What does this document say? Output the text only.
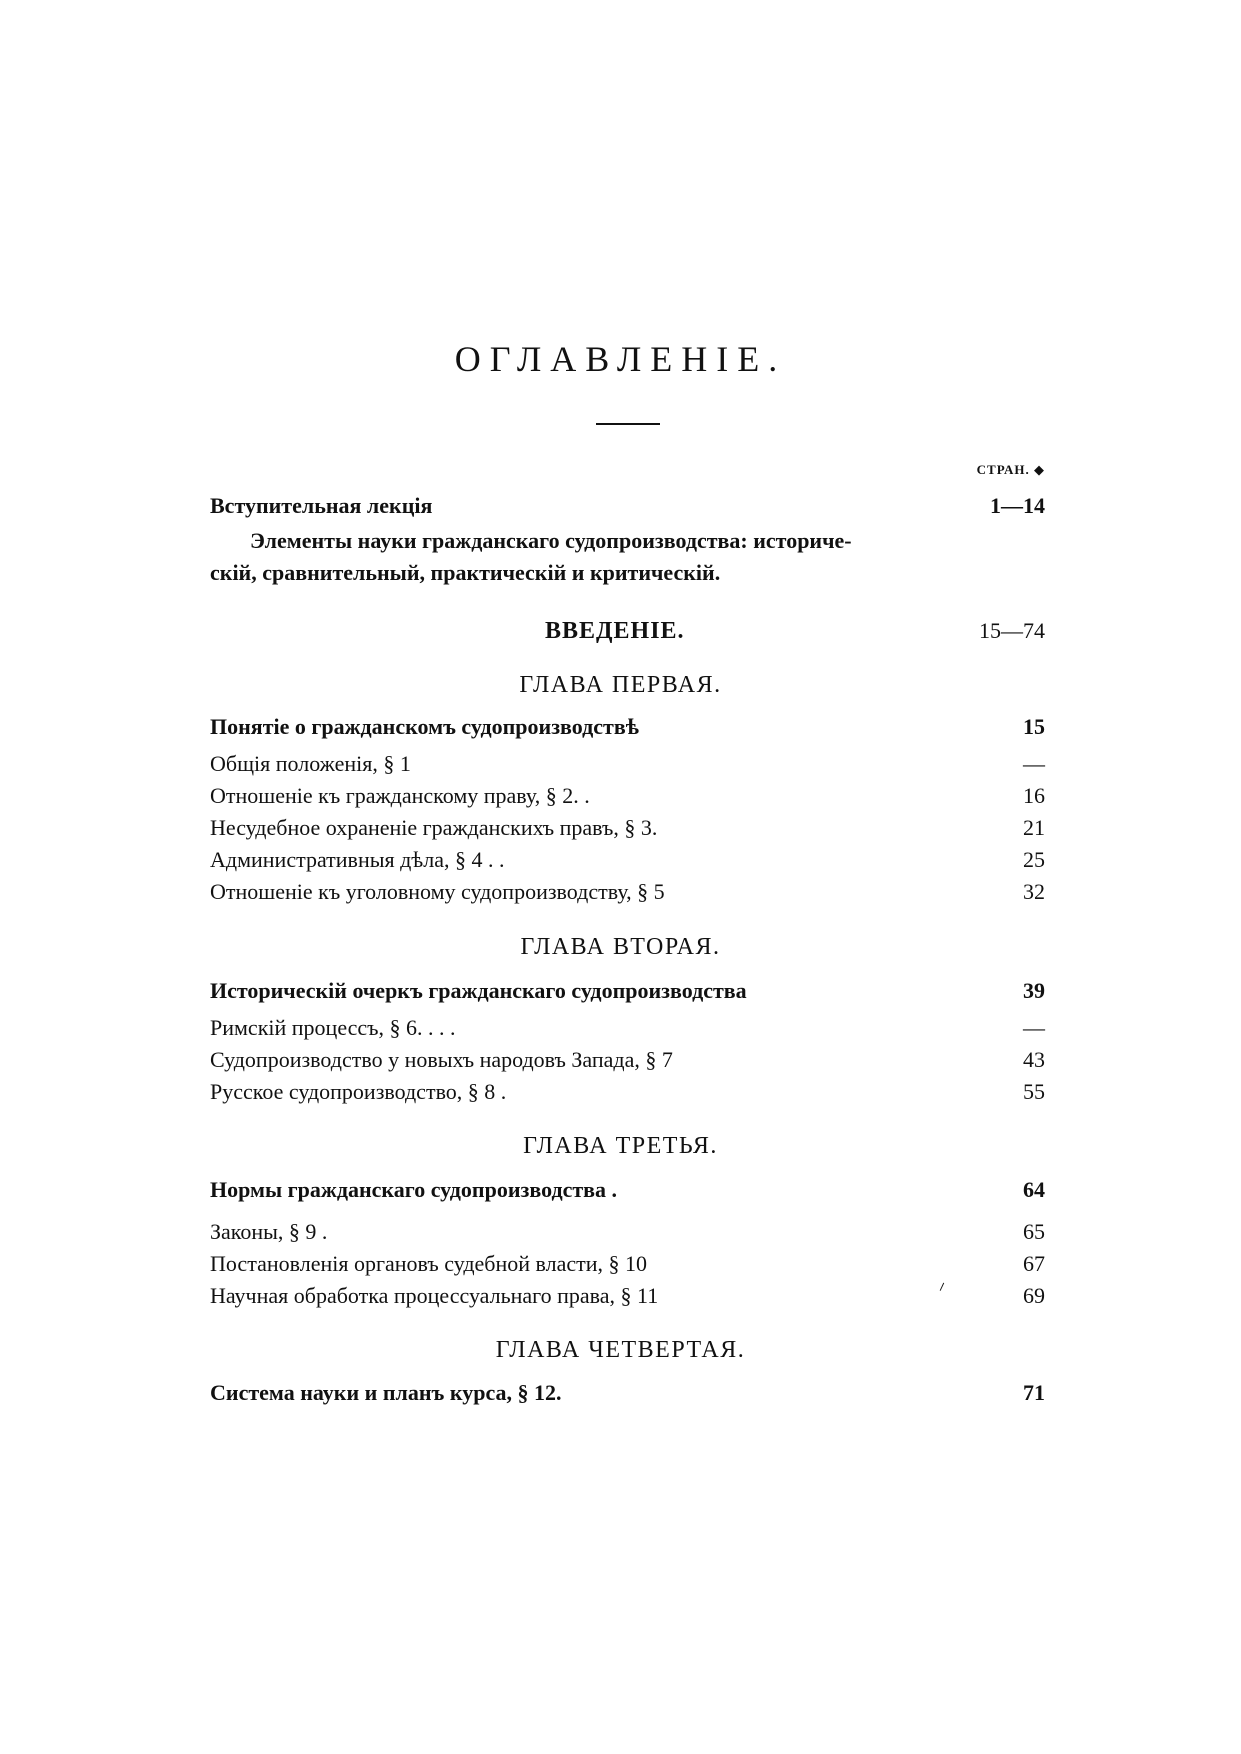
ОГЛАВЛЕНIЕ.
СТРАН. ◆
Вступительная лекція	1—14
Элементы науки гражданскаго судопроизводства: историче-
скій, сравнительный, практическій и критическій.
ВВЕДЕНIЕ.	15—74
ГЛАВА ПЕРВАЯ.
Понятіе о гражданскомъ судопроизводствѣ	15
Общія положенія, § 1	—
Отношеніе къ гражданскому праву, § 2. .	16
Несудебное охраненіе гражданскихъ правъ, § 3.	21
Административныя дѣла, § 4 . .	25
Отношеніе къ уголовному судопроизводству, § 5	32
ГЛАВА ВТОРАЯ.
Историческій очеркъ гражданскаго судопроизводства	39
Римскій процессъ, § 6. . . .	—
Судопроизводство у новыхъ народовъ Запада, § 7	43
Русское судопроизводство, § 8 .	55
ГЛАВА ТРЕТЬЯ.
Нормы гражданскаго судопроизводства .	64
Законы, § 9 .	65
Постановленія органовъ судебной власти, § 10	67
Научная обработка процессуальнаго права, § 11	69
⸝
ГЛАВА ЧЕТВЕРТАЯ.
Система науки и планъ курса, § 12.	71
